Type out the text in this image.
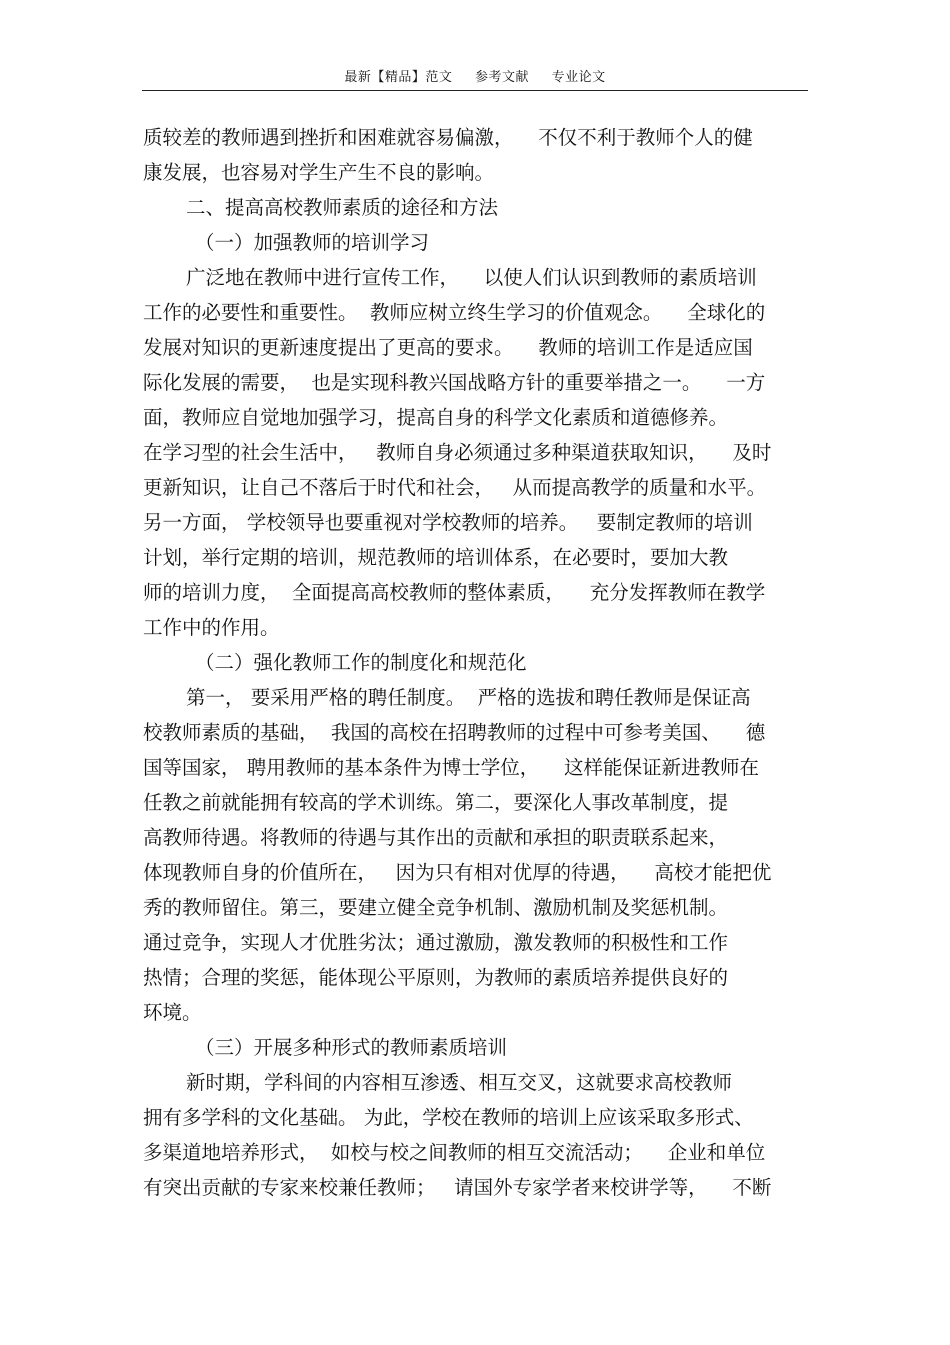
最新【精品】范文 参考文献 专业论文
质较差的教师遇到挫折和困难就容易偏激，    不仅不利于教师个人的健
康发展，也容易对学生产生不良的影响。
二、提高高校教师素质的途径和方法
（一）加强教师的培训学习
广泛地在教师中进行宣传工作，    以使人们认识到教师的素质培训
工作的必要性和重要性。  教师应树立终生学习的价值观念。    全球化的
发展对知识的更新速度提出了更高的要求。    教师的培训工作是适应国
际化发展的需要，  也是实现科教兴国战略方针的重要举措之一。    一方
面，教师应自觉地加强学习，提高自身的科学文化素质和道德修养。
在学习型的社会生活中，   教师自身必须通过多种渠道获取知识，    及时
更新知识，让自己不落后于时代和社会，   从而提高教学的质量和水平。
另一方面， 学校领导也要重视对学校教师的培养。   要制定教师的培训
计划，举行定期的培训，规范教师的培训体系，在必要时，要加大教
师的培训力度，  全面提高高校教师的整体素质，    充分发挥教师在教学
工作中的作用。
（二）强化教师工作的制度化和规范化
第一， 要采用严格的聘任制度。  严格的选拔和聘任教师是保证高
校教师素质的基础，  我国的高校在招聘教师的过程中可参考美国、    德
国等国家， 聘用教师的基本条件为博士学位，    这样能保证新进教师在
任教之前就能拥有较高的学术训练。第二，要深化人事改革制度，提
高教师待遇。将教师的待遇与其作出的贡献和承担的职责联系起来，
体现教师自身的价值所在，   因为只有相对优厚的待遇，    高校才能把优
秀的教师留住。第三，要建立健全竞争机制、激励机制及奖惩机制。
通过竞争，实现人才优胜劣汰；通过激励，激发教师的积极性和工作
热情；合理的奖惩，能体现公平原则，为教师的素质培养提供良好的
环境。
（三）开展多种形式的教师素质培训
新时期，学科间的内容相互渗透、相互交叉，这就要求高校教师
拥有多学科的文化基础。 为此，学校在教师的培训上应该采取多形式、
多渠道地培养形式，  如校与校之间教师的相互交流活动；    企业和单位
有突出贡献的专家来校兼任教师；   请国外专家学者来校讲学等，    不断
